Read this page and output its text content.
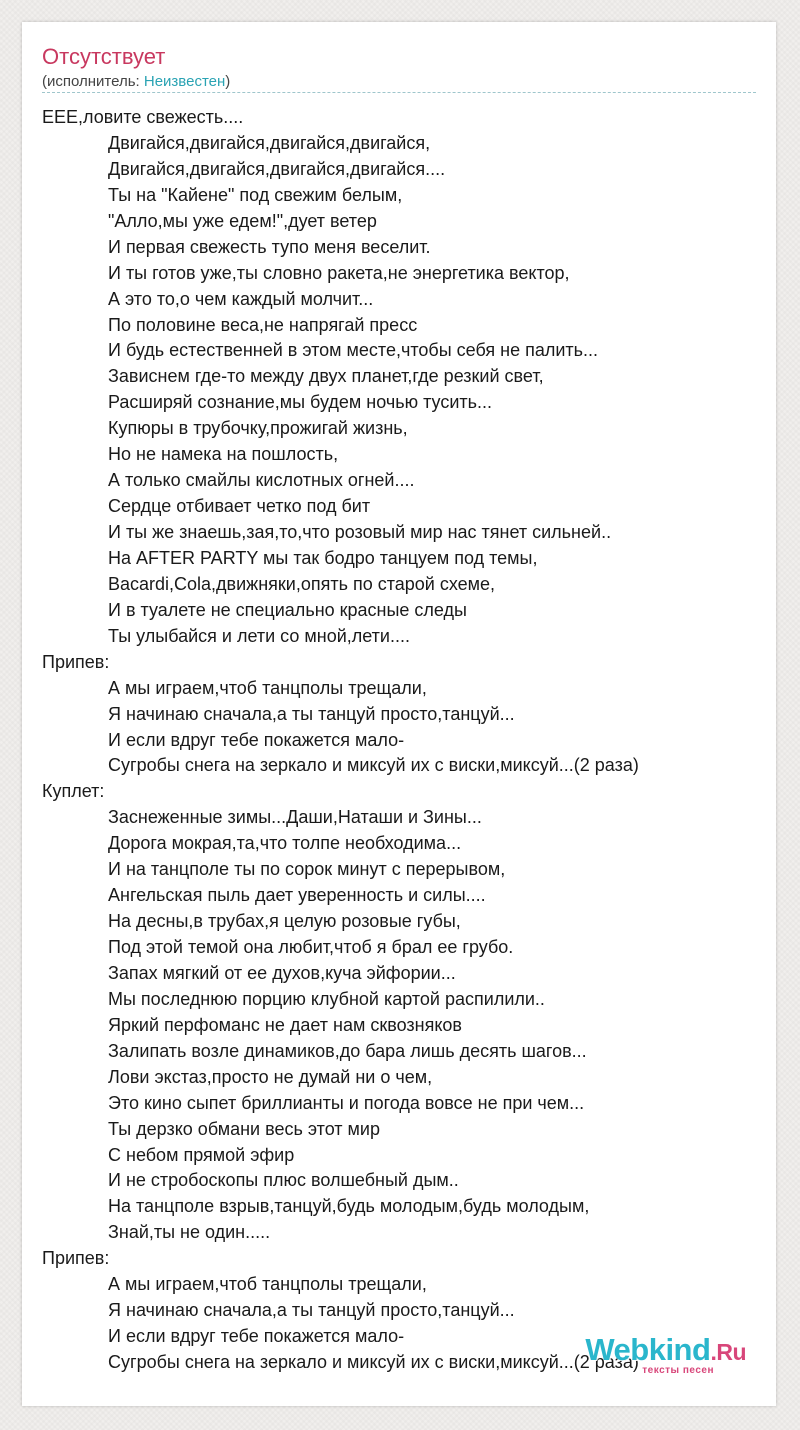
Отсутствует
(исполнитель: Неизвестен)
EEE,ловите свежесть....
Двигайся,двигайся,двигайся,двигайся,
Двигайся,двигайся,двигайся,двигайся....
Ты на "Кайене" под свежим белым,
"Алло,мы уже едем!",дует ветер
И первая свежесть тупо меня веселит.
И ты готов уже,ты словно ракета,не энергетика вектор,
А это то,о чем каждый молчит...
По половине веса,не напрягай пресс
И будь естественней в этом месте,чтобы себя не палить...
Зависнем где-то между двух планет,где резкий свет,
Расширяй сознание,мы будем ночью тусить...
Купюры в трубочку,прожигай жизнь,
Но не намека на пошлость,
А только смайлы кислотных огней....
Сердце отбивает четко под бит
И ты же знаешь,зая,то,что розовый мир нас тянет сильней..
На AFTER PARTY мы так бодро танцуем под темы,
Bacardi,Cola,движняки,опять по старой схеме,
И в туалете не специально красные следы
Ты улыбайся и лети со мной,лети....
Припев:
А мы играем,чтоб танцполы трещали,
Я начинаю сначала,а ты танцуй просто,танцуй...
И если вдруг тебе покажется мало-
Сугробы снега на зеркало и миксуй их с виски,миксуй...(2 раза)
Куплет:
Заснеженные зимы...Даши,Наташи и Зины...
Дорога мокрая,та,что толпе необходима...
И на танцполе ты по сорок минут с перерывом,
Ангельская пыль дает уверенность и силы....
На десны,в трубах,я целую розовые губы,
Под этой темой она любит,чтоб я брал ее грубо.
Запах мягкий от ее духов,куча эйфории...
Мы последнюю порцию клубной картой распилили..
Яркий перфоманс не дает нам сквозняков
Залипать возле динамиков,до бара лишь десять шагов...
Лови экстаз,просто не думай ни о чем,
Это кино сыпет бриллианты и погода вовсе не при чем...
Ты дерзко обмани весь этот мир
С небом прямой эфир
И не стробоскопы плюс волшебный дым..
На танцполе взрыв,танцуй,будь молодым,будь молодым,
Знай,ты не один.....
Припев:
А мы играем,чтоб танцполы трещали,
Я начинаю сначала,а ты танцуй просто,танцуй...
И если вдруг тебе покажется мало-
Сугробы снега на зеркало и миксуй их с виски,миксуй...(2 раза)
Webkind.Ru
тексты песен
